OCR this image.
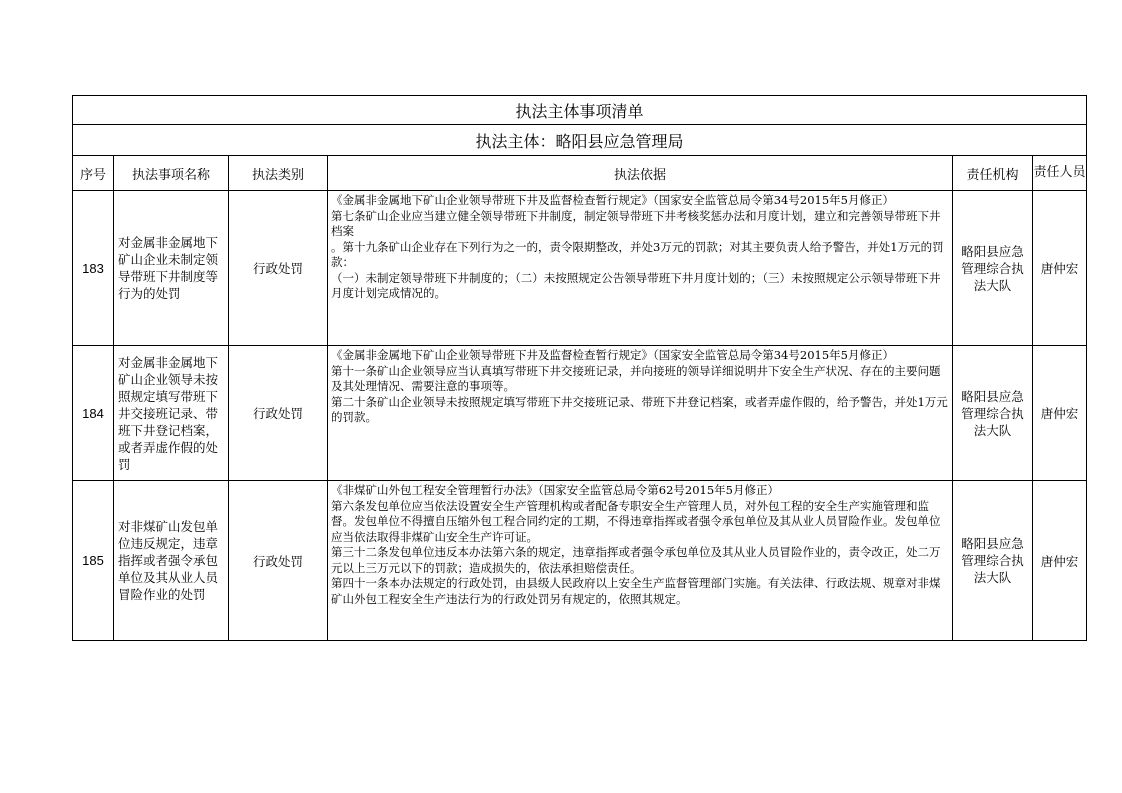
执法主体事项清单					
执法主体：略阳县应急管理局					
序号	执法事项名称	执法类别	执法依据	责任机构	责任人员
183	对金属非金属地下矿山企业未制定领导带班下井制度等行为的处罚	行政处罚	《金属非金属地下矿山企业领导带班下井及监督检查暂行规定》（国家安全监管总局令第34号2015年5月修正）

第七条矿山企业应当建立健全领导带班下井制度，制定领导带班下井考核奖惩办法和月度计划，建立和完善领导带班下井档案

。第十九条矿山企业存在下列行为之一的，责令限期整改，并处3万元的罚款；对其主要负责人给予警告，并处1万元的罚款：

（一）未制定领导带班下井制度的；（二）未按照规定公告领导带班下井月度计划的；（三）未按照规定公示领导带班下井月度计划完成情况的。	略阳县应急管理综合执法大队	唐仲宏
184	对金属非金属地下矿山企业领导未按照规定填写带班下井交接班记录、带班下井登记档案，或者弄虚作假的处罚	行政处罚	《金属非金属地下矿山企业领导带班下井及监督检查暂行规定》（国家安全监管总局令第34号2015年5月修正）

第十一条矿山企业领导应当认真填写带班下井交接班记录，并向接班的领导详细说明井下安全生产状况、存在的主要问题及其处理情况、需要注意的事项等。

第二十条矿山企业领导未按照规定填写带班下井交接班记录、带班下井登记档案，或者弄虚作假的，给予警告，并处1万元的罚款。	略阳县应急管理综合执法大队	唐仲宏
185	对非煤矿山发包单位违反规定，违章指挥或者强令承包单位及其从业人员冒险作业的处罚	行政处罚	《非煤矿山外包工程安全管理暂行办法》（国家安全监管总局令第62号2015年5月修正）

第六条发包单位应当依法设置安全生产管理机构或者配备专职安全生产管理人员，对外包工程的安全生产实施管理和监督。发包单位不得擅自压缩外包工程合同约定的工期，不得违章指挥或者强令承包单位及其从业人员冒险作业。发包单位应当依法取得非煤矿山安全生产许可证。

第三十二条发包单位违反本办法第六条的规定，违章指挥或者强令承包单位及其从业人员冒险作业的，责令改正，处二万元以上三万元以下的罚款；造成损失的，依法承担赔偿责任。

第四十一条本办法规定的行政处罚，由县级人民政府以上安全生产监督管理部门实施。有关法律、行政法规、规章对非煤矿山外包工程安全生产违法行为的行政处罚另有规定的，依照其规定。	略阳县应急管理综合执法大队	唐仲宏
